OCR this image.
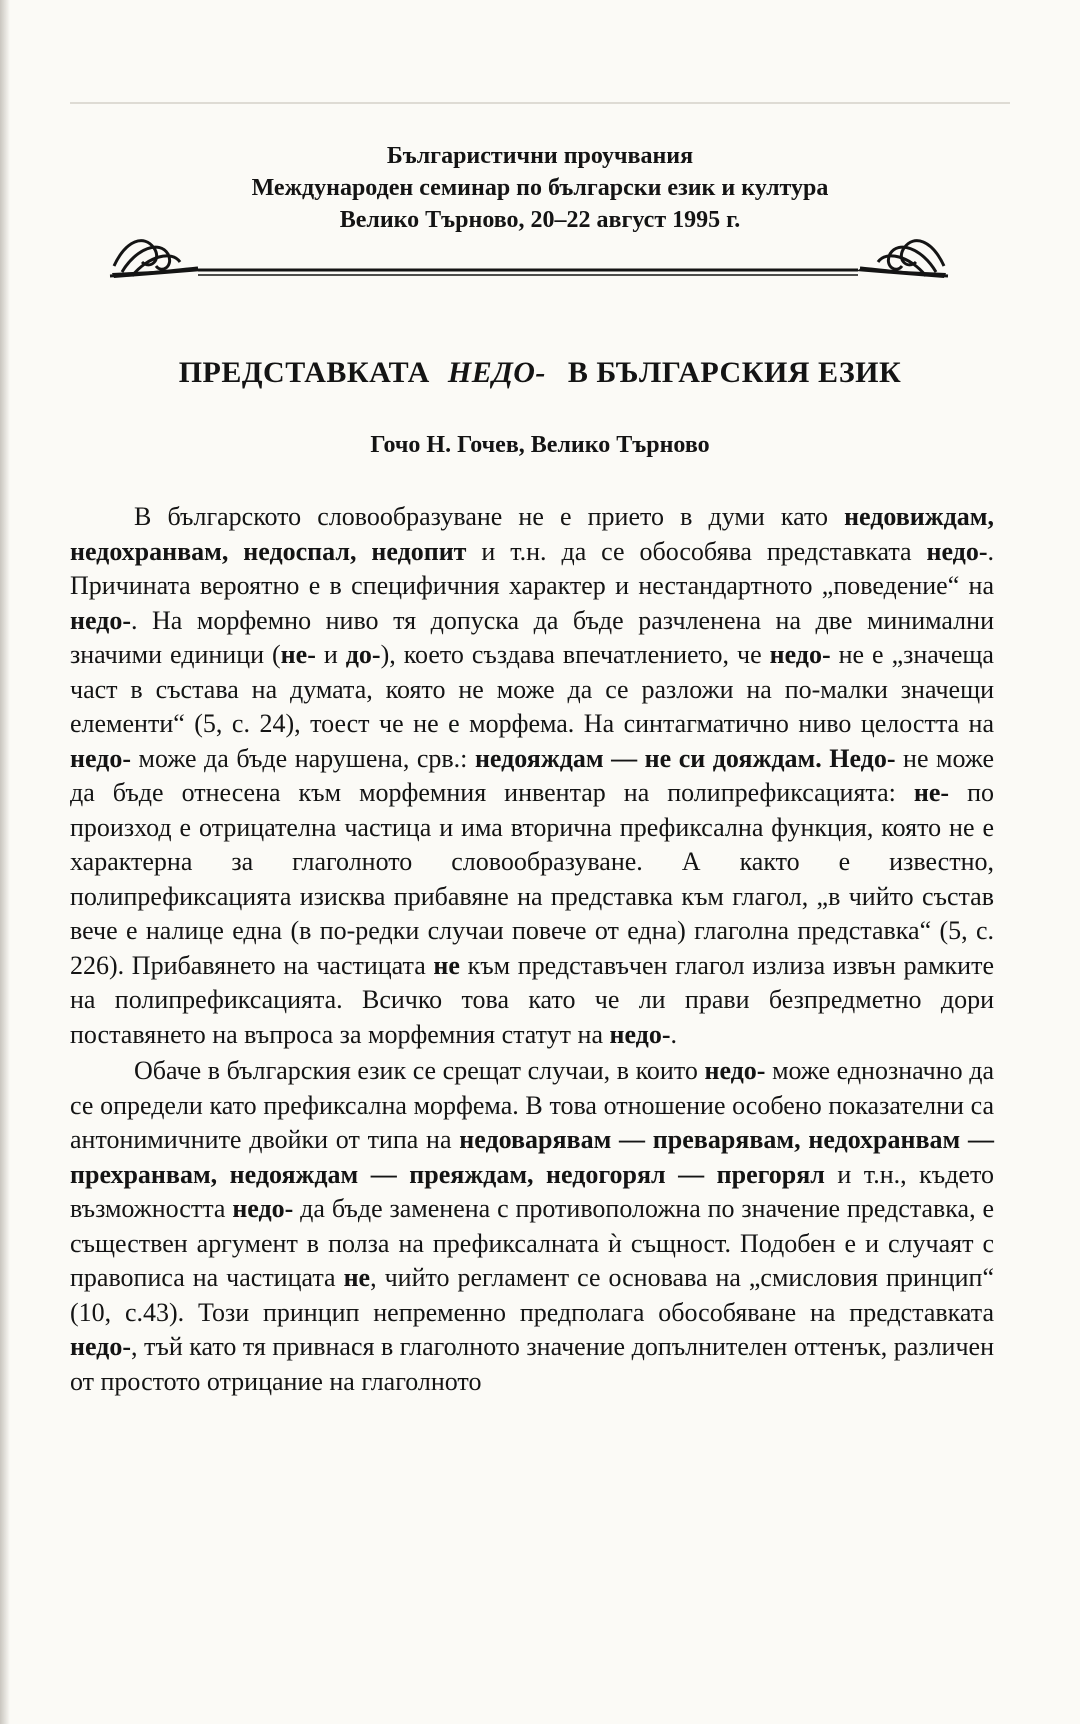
Българистични проучвания
Международен семинар по български език и култура
Велико Търново, 20–22 август 1995 г.
ПРЕДСТАВКАТА НЕДО- В БЪЛГАРСКИЯ ЕЗИК
Гочо Н. Гочев, Велико Търново

В българското словообразуване не е прието в думи като недовиждам, недохранвам, недоспал, недопит и т.н. да се обособява представката недо-. Причината вероятно е в специфичния характер и нестандартното „поведение“ на недо-. На морфемно ниво тя допуска да бъде разчленена на две минимални значими единици (не- и до-), което създава впечатлението, че недо- не е „значеща част в състава на думата, която не може да се разложи на по-малки значещи елементи“ (5, с. 24), тоест че не е морфема. На синтагматично ниво целостта на недо- може да бъде нарушена, срв.: недояждам — не си дояждам. Недо- не може да бъде отнесена към морфемния инвентар на полипрефиксацията: не- по произход е отрицателна частица и има вторична префиксална функция, която не е характерна за глаголното словообразуване. А както е известно, полипрефиксацията изисква прибавяне на представка към глагол, „в чийто състав вече е налице една (в по-редки случаи повече от една) глаголна представка“ (5, с. 226). Прибавянето на частицата не към представъчен глагол излиза извън рамките на полипрефиксацията. Всичко това като че ли прави безпредметно дори поставянето на въпроса за морфемния статут на недо-.

Обаче в българския език се срещат случаи, в които недо- може еднозначно да се определи като префиксална морфема. В това отношение особено показателни са антонимичните двойки от типа на недоварявам — преварявам, недохранвам — прехранвам, недояждам — преяждам, недогорял — прегорял и т.н., където възможността недо- да бъде заменена с противоположна по значение представка, е съществен аргумент в полза на префиксалната ѝ същност. Подобен е и случаят с правописа на частицата не, чийто регламент се основава на „смисловия принцип“ (10, с.43). Този принцип непременно предполага обособяване на представката недо-, тъй като тя привнася в глаголното значение допълнителен оттенък, различен от простото отрицание на глаголното
